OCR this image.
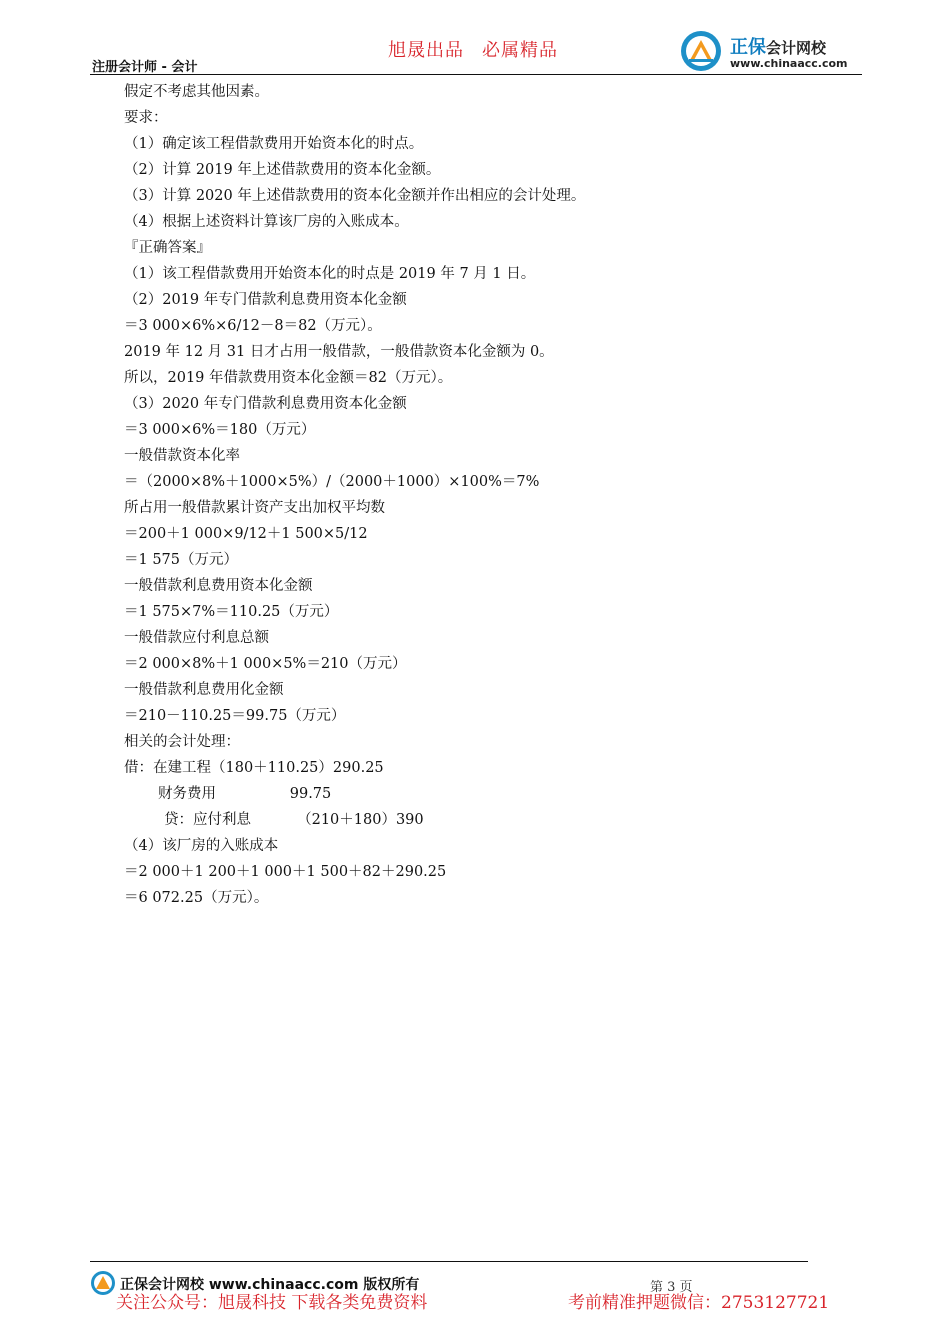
注册会计师 - 会计
旭晟出品 必属精品	正保会计网校
www.chinaacc.com
假定不考虑其他因素。
要求：
（1）确定该工程借款费用开始资本化的时点。
（2）计算 2019 年上述借款费用的资本化金额。
（3）计算 2020 年上述借款费用的资本化金额并作出相应的会计处理。
（4）根据上述资料计算该厂房的入账成本。
『正确答案』
（1）该工程借款费用开始资本化的时点是 2019 年 7 月 1 日。
（2）2019 年专门借款利息费用资本化金额
＝3 000×6%×6/12－8＝82（万元）。
2019 年 12 月 31 日才占用一般借款，一般借款资本化金额为 0。
所以，2019 年借款费用资本化金额＝82（万元）。
（3）2020 年专门借款利息费用资本化金额
＝3 000×6%＝180（万元）
一般借款资本化率
＝（2000×8%＋1000×5%）/（2000＋1000）×100%＝7%
所占用一般借款累计资产支出加权平均数
＝200＋1 000×9/12＋1 500×5/12
＝1 575（万元）
一般借款利息费用资本化金额
＝1 575×7%＝110.25（万元）
一般借款应付利息总额
＝2 000×8%＋1 000×5%＝210（万元）
一般借款利息费用化金额
＝210－110.25＝99.75（万元）
相关的会计处理：
借：在建工程（180＋110.25）290.25
财务费用                99.75
贷：应付利息          （210＋180）390
（4）该厂房的入账成本
＝2 000＋1 200＋1 000＋1 500＋82＋290.25
＝6 072.25（万元）。
正保会计网校 www.chinaacc.com 版权所有	第 3 页
关注公众号：旭晟科技 下载各类免费资料	考前精准押题微信：2753127721
